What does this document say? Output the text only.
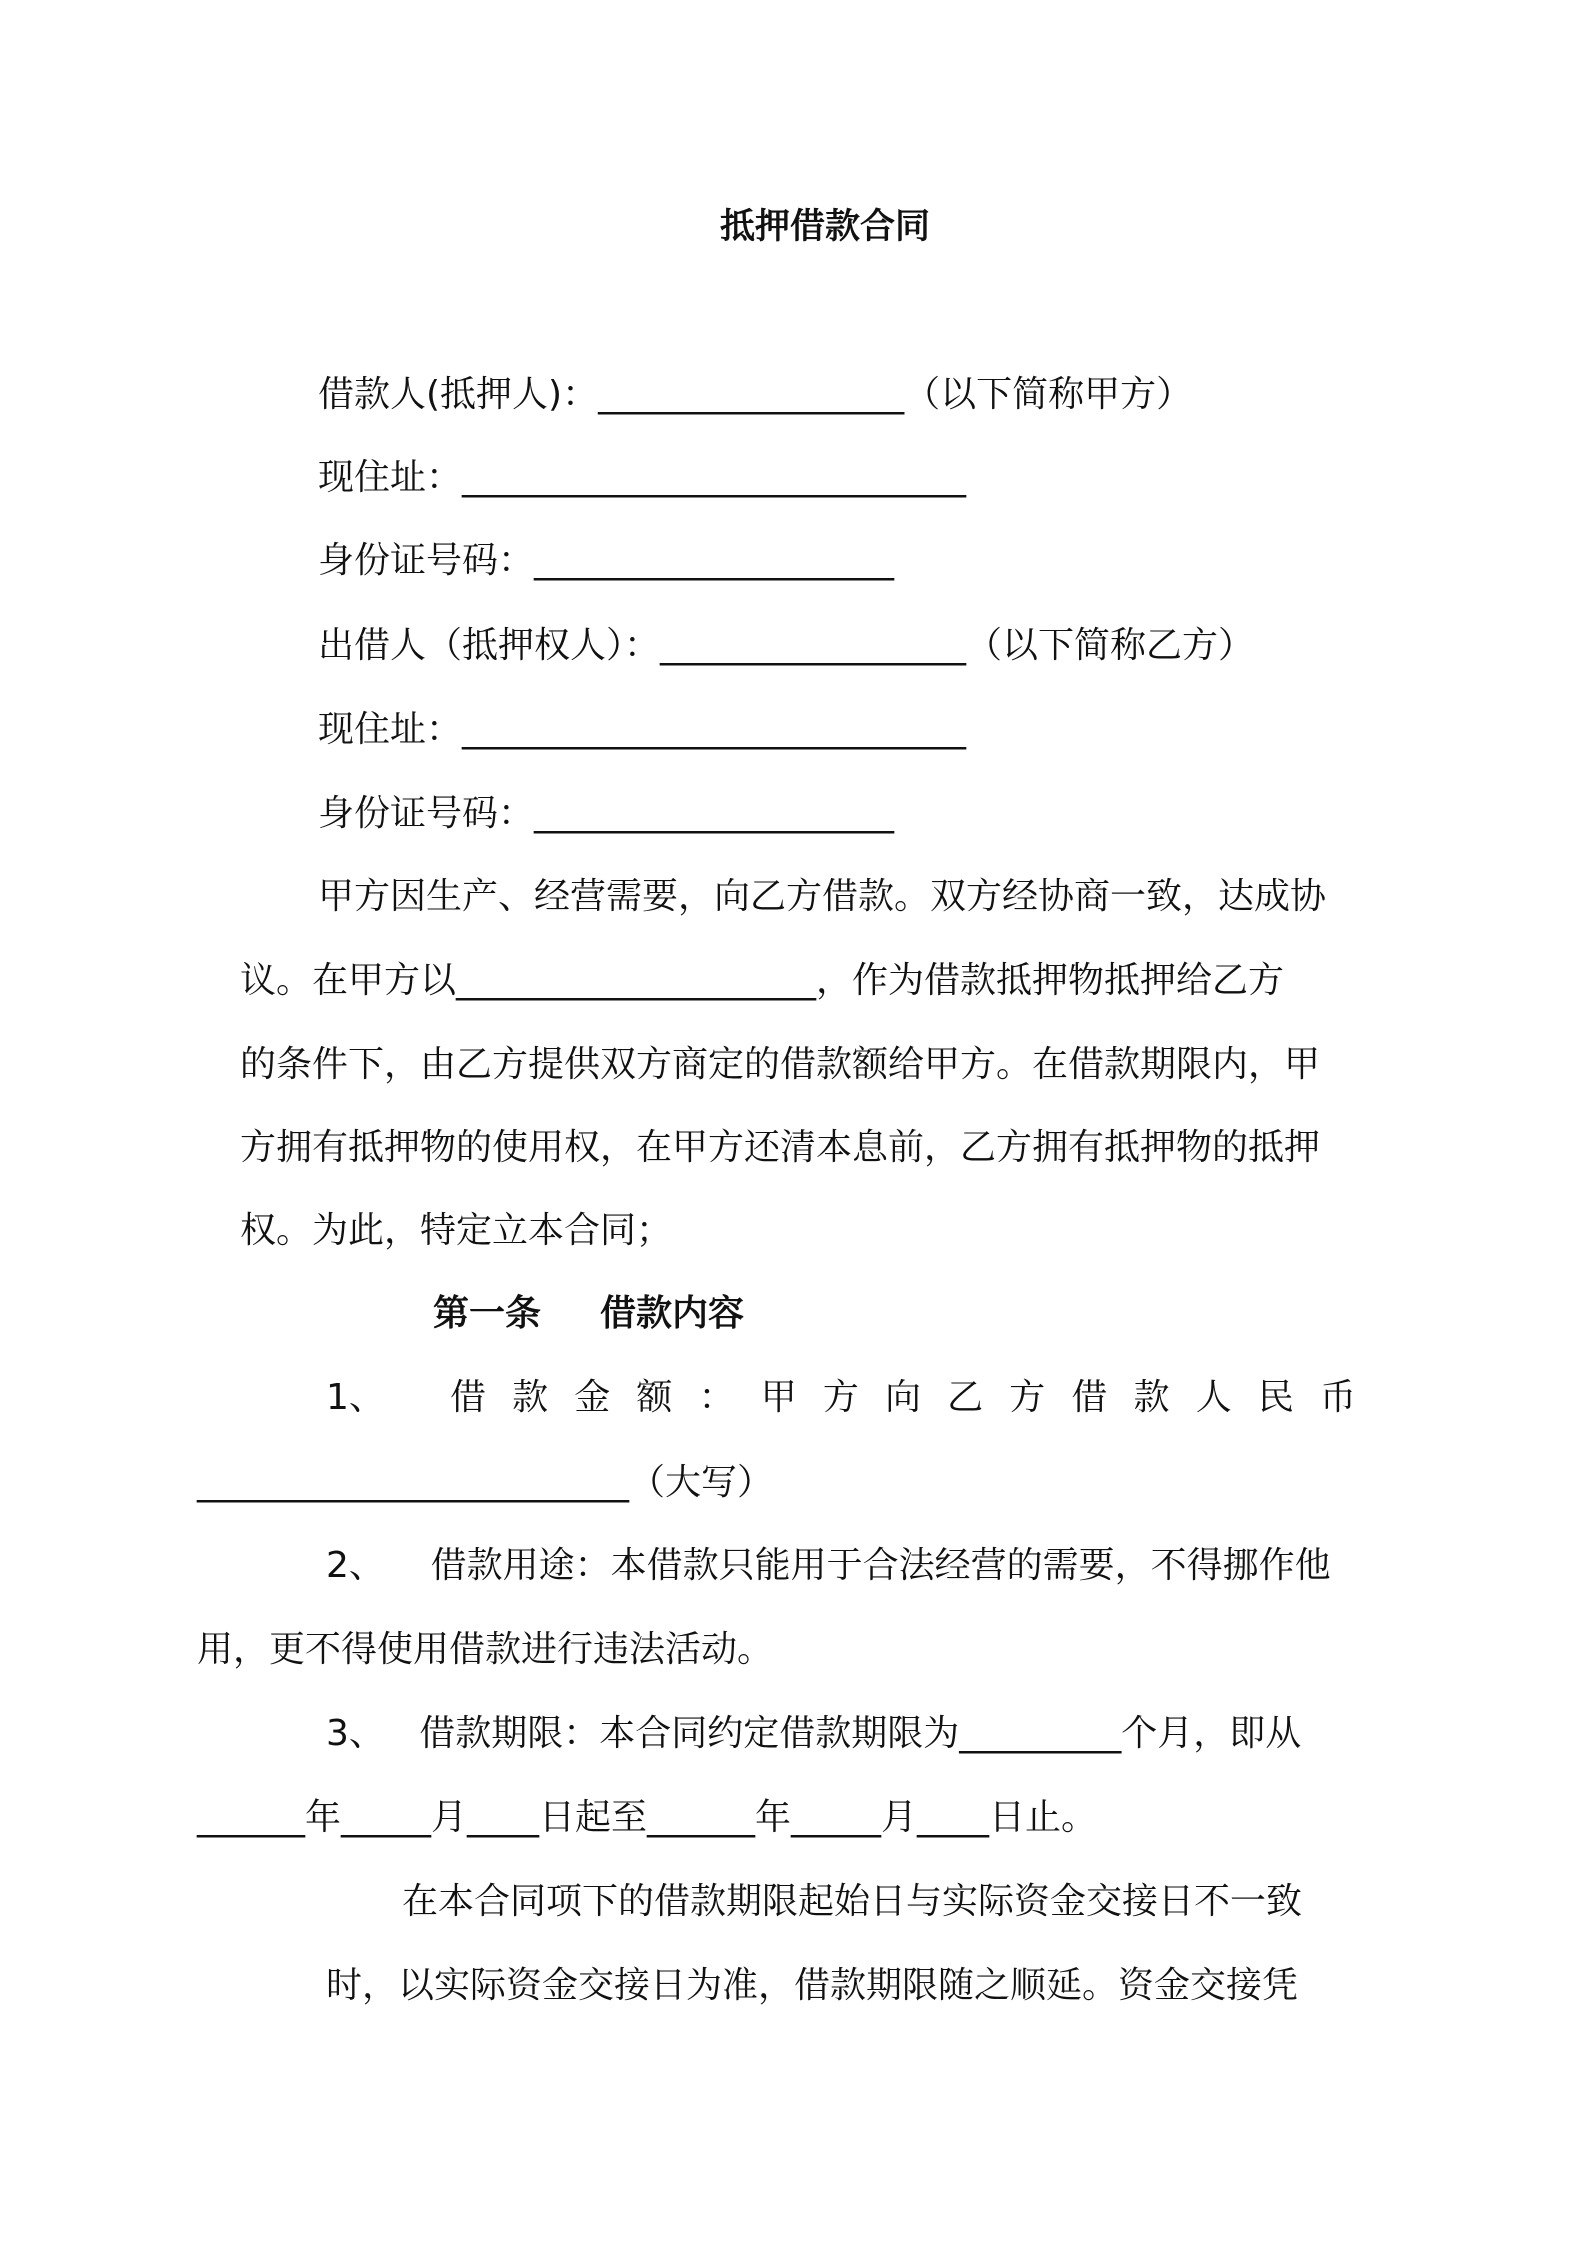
抵押借款合同
借款人(抵押人)：_________________（以下简称甲方）
现住址：____________________________
身份证号码：____________________
出借人（抵押权人）：_________________（以下简称乙方）
现住址：____________________________
身份证号码：____________________
甲方因生产、经营需要，向乙方借款。双方经协商一致，达成协
议。在甲方以____________________，作为借款抵押物抵押给乙方
的条件下，由乙方提供双方商定的借款额给甲方。在借款期限内，甲
方拥有抵押物的使用权，在甲方还清本息前，乙方拥有抵押物的抵押
权。为此，特定立本合同；
第一条 借款内容
1、 借 款 金 额 ： 甲 方 向 乙 方 借 款 人 民 币
________________________（大写）
2、    借款用途：本借款只能用于合法经营的需要，不得挪作他
用，更不得使用借款进行违法活动。
3、   借款期限：本合同约定借款期限为_________个月，即从
______年_____月____日起至______年_____月____日止。
在本合同项下的借款期限起始日与实际资金交接日不一致
时，以实际资金交接日为准，借款期限随之顺延。资金交接凭
